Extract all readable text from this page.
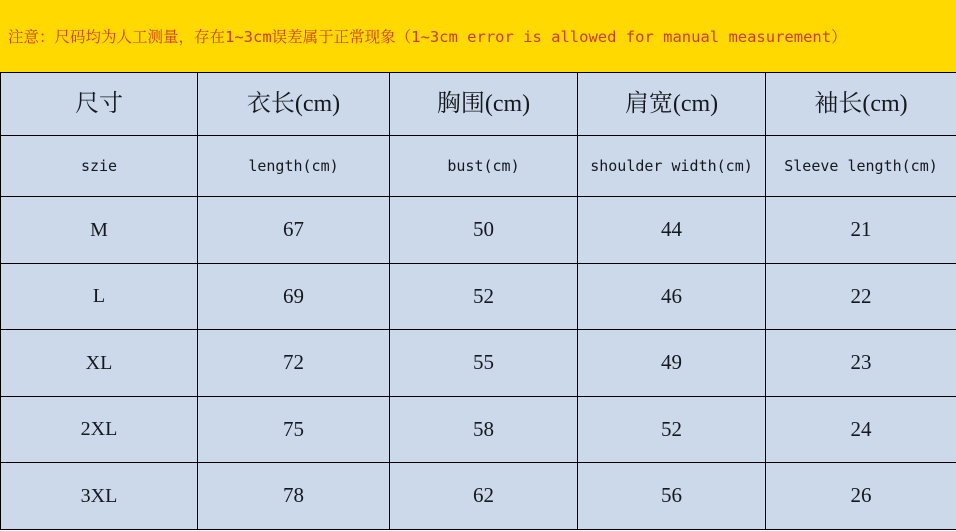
注意：尺码均为人工测量，存在1~3cm误差属于正常现象（1~3cm error is allowed for manual measurement）
尺寸	衣长(cm)	胸围(cm)	肩宽(cm)	袖长(cm)

szie	length(cm)	bust(cm)	shoulder width(cm)	Sleeve length(cm)

M	67	50	44	21

L	69	52	46	22

XL	72	55	49	23

2XL	75	58	52	24

3XL	78	62	56	26
